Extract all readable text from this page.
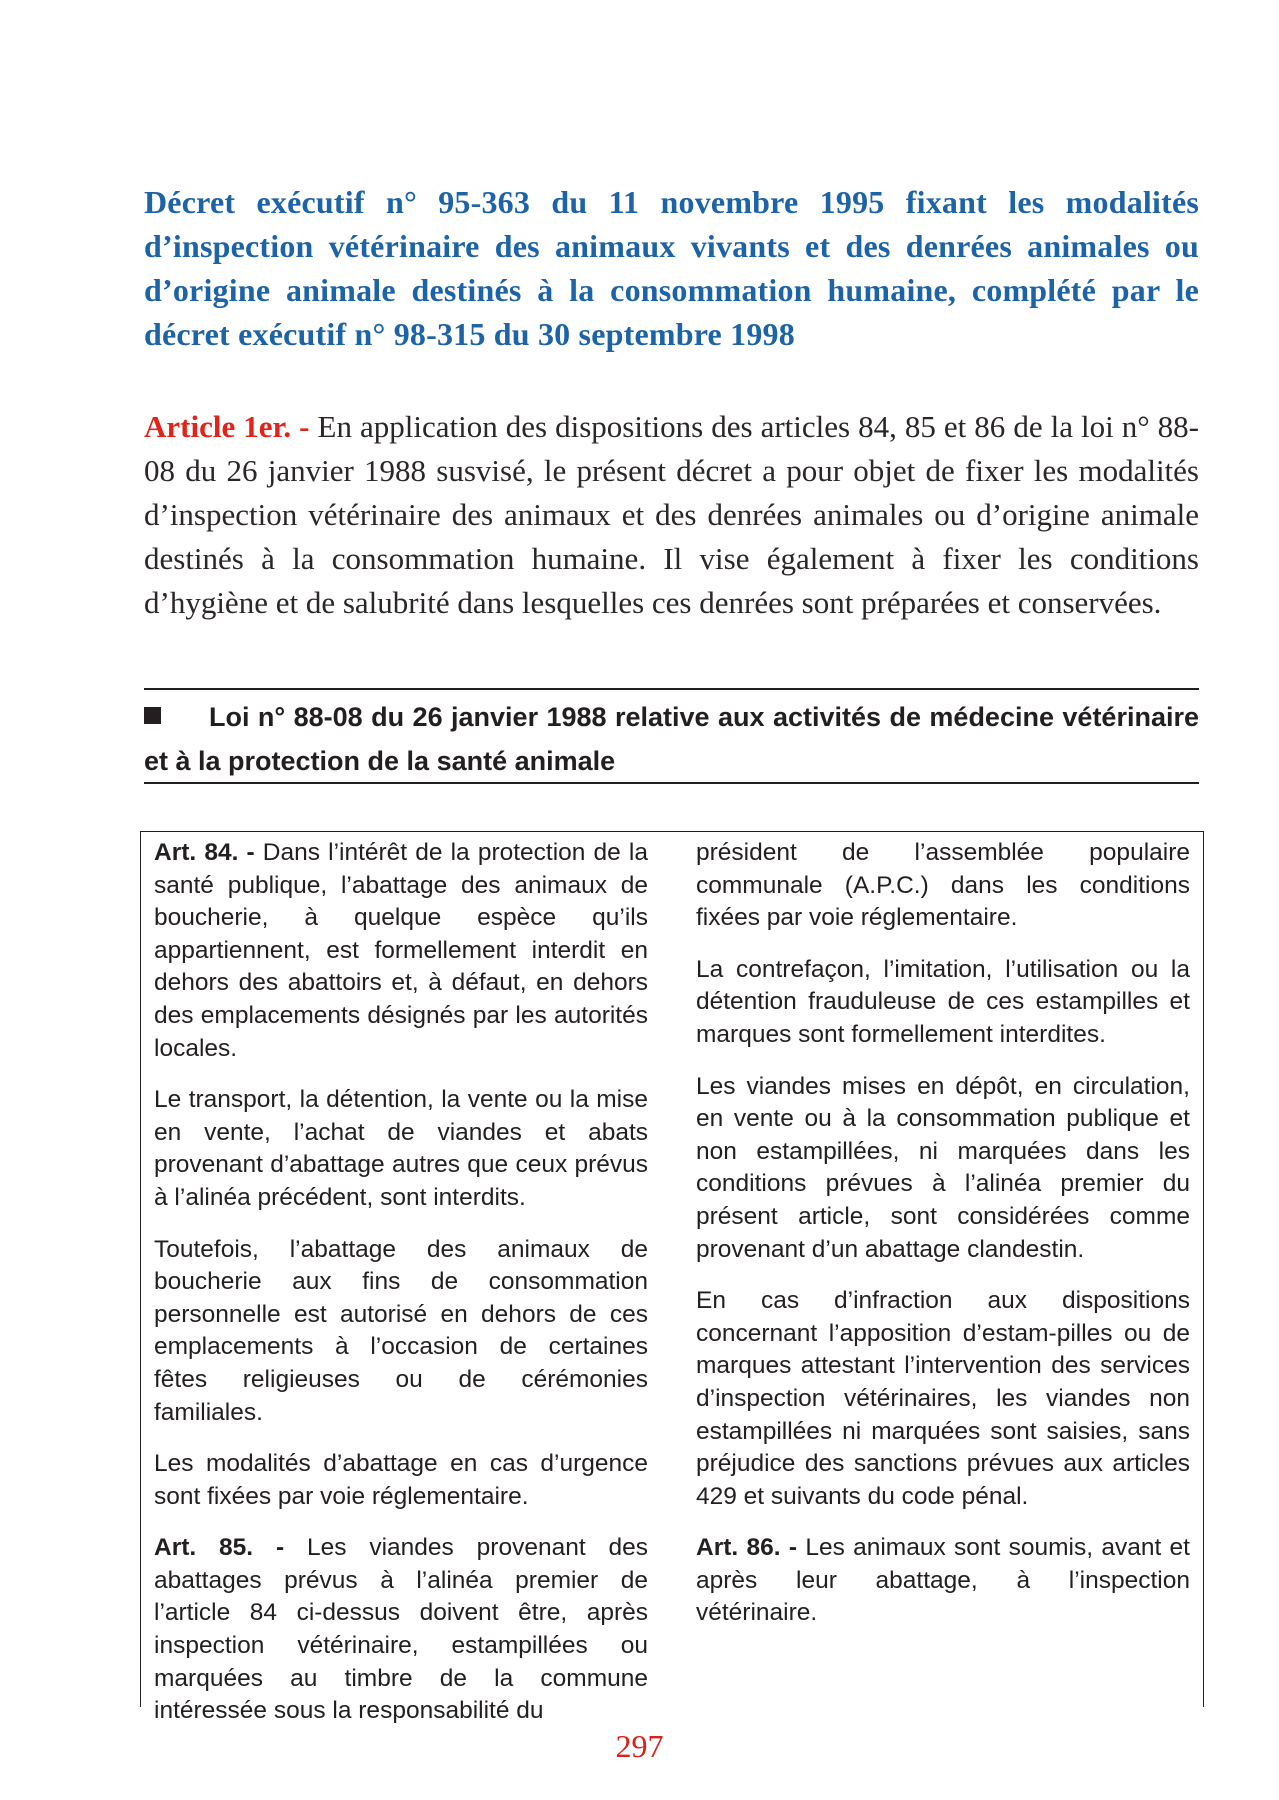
Décret exécutif n° 95-363 du 11 novembre 1995 fixant les modalités d’inspection vétérinaire des animaux vivants et des denrées animales ou d’origine animale destinés à la consommation humaine, complété par le décret exécutif n° 98-315 du 30 septembre 1998
Article 1er. - En application des dispositions des articles 84, 85 et 86 de la loi n° 88-08 du 26 janvier 1988 susvisé, le présent décret a pour objet de fixer les modalités d’inspection vétérinaire des animaux et des denrées animales ou d’origine animale destinés à la consommation humaine. Il vise également à fixer les conditions d’hygiène et de salubrité dans lesquelles ces denrées sont préparées et conservées.
Loi n° 88-08 du 26 janvier 1988 relative aux activités de médecine vétérinaire et à la protection de la santé animale

Art. 84. - Dans l’intérêt de la protection de la santé publique, l’abattage des animaux de boucherie, à quelque espèce qu’ils appartiennent, est formellement interdit en dehors des abattoirs et, à défaut, en dehors des emplacements désignés par les autorités locales.

Le transport, la détention, la vente ou la mise en vente, l’achat de viandes et abats provenant d’abattage autres que ceux prévus à l’alinéa précédent, sont interdits.

Toutefois, l’abattage des animaux de boucherie aux fins de consommation personnelle est autorisé en dehors de ces emplacements à l’occasion de certaines fêtes religieuses ou de cérémonies familiales.

Les modalités d’abattage en cas d’urgence sont fixées par voie réglementaire.

Art. 85. - Les viandes provenant des abattages prévus à l’alinéa premier de l’article 84 ci-dessus doivent être, après inspection vétérinaire, estampillées ou marquées au timbre de la commune intéressée sous la responsabilité du

président de l’assemblée populaire communale (A.P.C.) dans les conditions fixées par voie réglementaire.

La contrefaçon, l’imitation, l’utilisation ou la détention frauduleuse de ces estampilles et marques sont formellement interdites.

Les viandes mises en dépôt, en circulation, en vente ou à la consommation publique et non estampillées, ni marquées dans les conditions prévues à l’alinéa premier du présent article, sont considérées comme provenant d’un abattage clandestin.

En cas d’infraction aux dispositions concernant l’apposition d’estam-pilles ou de marques attestant l’intervention des services d’inspection vétérinaires, les viandes non estampillées ni marquées sont saisies, sans préjudice des sanctions prévues aux articles 429 et suivants du code pénal.

Art. 86. - Les animaux sont soumis, avant et après leur abattage, à l’inspection vétérinaire.

297
